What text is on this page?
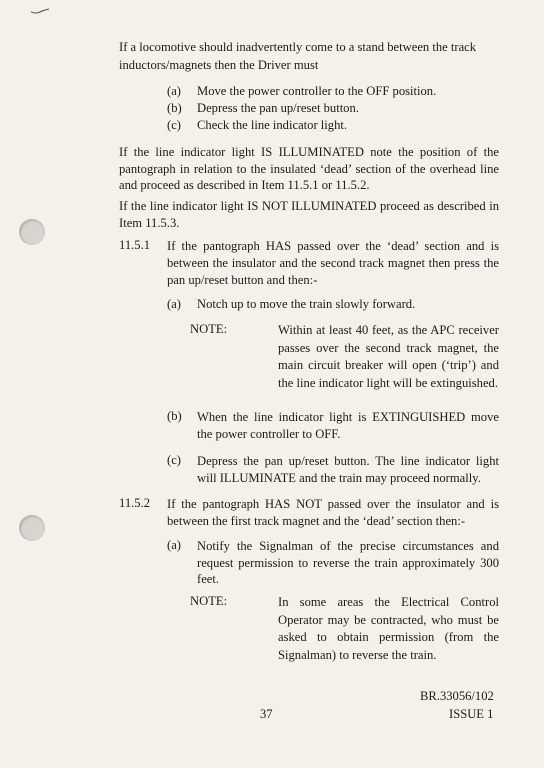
If a locomotive should inadvertently come to a stand between the track
inductors/magnets then the Driver must
(a) Move the power controller to the OFF position.
(b) Depress the pan up/reset button.
(c) Check the line indicator light.
If the line indicator light IS ILLUMINATED note the position of the pantograph in relation to the insulated ‘dead’ section of the overhead line and proceed as described in Item 11.5.1 or 11.5.2.
If the line indicator light IS NOT ILLUMINATED proceed as described in Item 11.5.3.
11.5.1 If the pantograph HAS passed over the ‘dead’ section and is between the insulator and the second track magnet then press the pan up/reset button and then:-
(a) Notch up to move the train slowly forward.
NOTE:	Within at least 40 feet, as the APC receiver passes over the second track magnet, the main circuit breaker will open (‘trip’) and the line indicator light will be extinguished.
(b) When the line indicator light is EXTINGUISHED move the power controller to OFF.
(c) Depress the pan up/reset button. The line indicator light will ILLUMINATE and the train may proceed normally.
11.5.2 If the pantograph HAS NOT passed over the insulator and is between the first track magnet and the ‘dead’ section then:-
(a) Notify the Signalman of the precise circumstances and request permission to reverse the train approximately 300 feet.
NOTE:	In some areas the Electrical Control Operator may be contracted, who must be asked to obtain permission (from the Signalman) to reverse the train.
BR.33056/102
37	ISSUE 1
